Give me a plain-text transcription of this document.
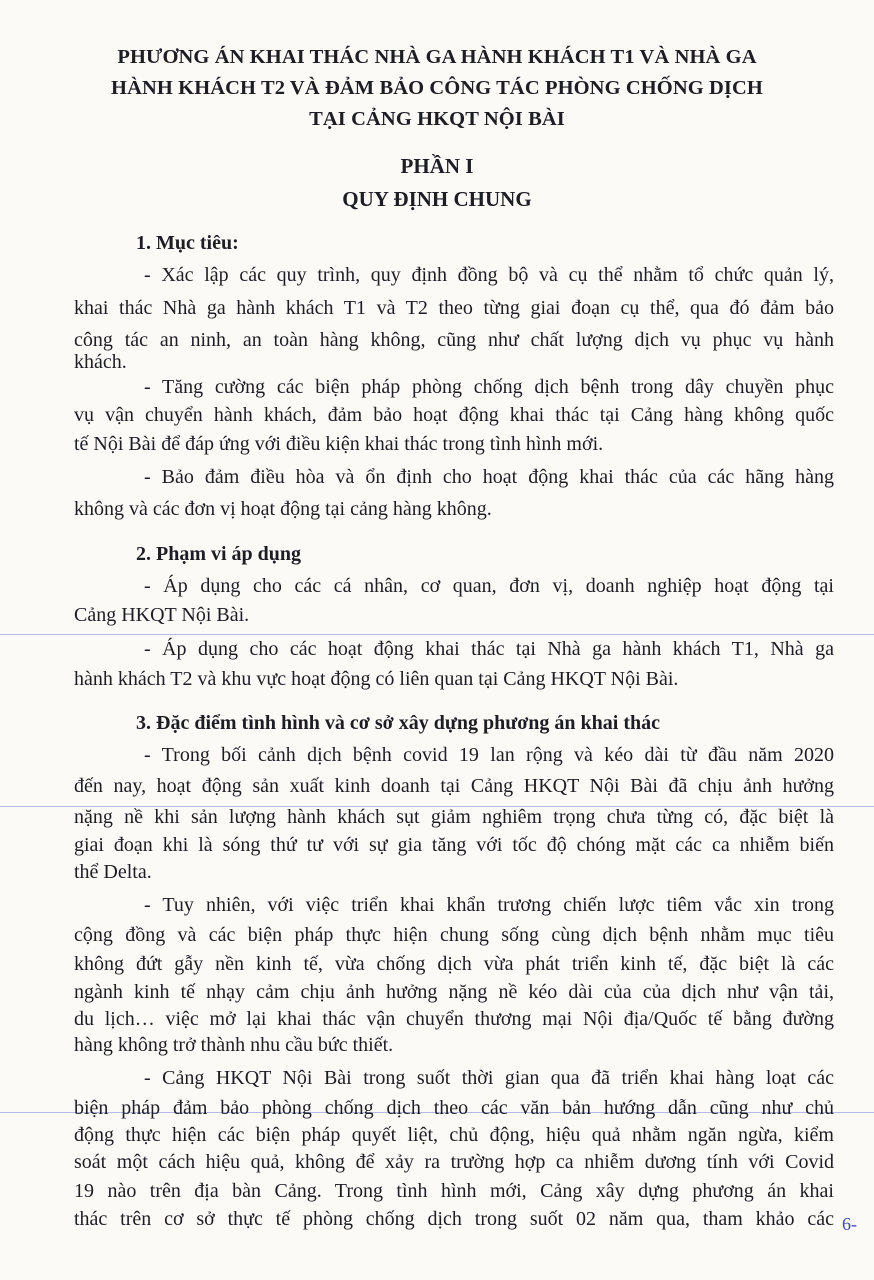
PHƯƠNG ÁN KHAI THÁC NHÀ GA HÀNH KHÁCH T1 VÀ NHÀ GA
HÀNH KHÁCH T2 VÀ ĐẢM BẢO CÔNG TÁC PHÒNG CHỐNG DỊCH
TẠI CẢNG HKQT NỘI BÀI
PHẦN I
QUY ĐỊNH CHUNG
1. Mục tiêu:
- Xác lập các quy trình, quy định đồng bộ và cụ thể nhằm tổ chức quản lý,
khai thác Nhà ga hành khách T1 và T2 theo từng giai đoạn cụ thể, qua đó đảm bảo
công tác an ninh, an toàn hàng không, cũng như chất lượng dịch vụ phục vụ hành
khách.
- Tăng cường các biện pháp phòng chống dịch bệnh trong dây chuyền phục
vụ vận chuyển hành khách, đảm bảo hoạt động khai thác tại Cảng hàng không quốc
tế Nội Bài để đáp ứng với điều kiện khai thác trong tình hình mới.
- Bảo đảm điều hòa và ổn định cho hoạt động khai thác của các hãng hàng
không và các đơn vị hoạt động tại cảng hàng không.
2. Phạm vi áp dụng
- Áp dụng cho các cá nhân, cơ quan, đơn vị, doanh nghiệp hoạt động tại
Cảng HKQT Nội Bài.
- Áp dụng cho các hoạt động khai thác tại Nhà ga hành khách T1, Nhà ga
hành khách T2 và khu vực hoạt động có liên quan tại Cảng HKQT Nội Bài.
3. Đặc điểm tình hình và cơ sở xây dựng phương án khai thác
- Trong bối cảnh dịch bệnh covid 19 lan rộng và kéo dài từ đầu năm 2020
đến nay, hoạt động sản xuất kinh doanh tại Cảng HKQT Nội Bài đã chịu ảnh hưởng
nặng nề khi sản lượng hành khách sụt giảm nghiêm trọng chưa từng có, đặc biệt là
giai đoạn khi là sóng thứ tư với sự gia tăng với tốc độ chóng mặt các ca nhiễm biến
thể Delta.
- Tuy nhiên, với việc triển khai khẩn trương chiến lược tiêm vắc xin trong
cộng đồng và các biện pháp thực hiện chung sống cùng dịch bệnh nhằm mục tiêu
không đứt gẫy nền kinh tế, vừa chống dịch vừa phát triển kinh tế, đặc biệt là các
ngành kinh tế nhạy cảm chịu ảnh hưởng nặng nề kéo dài của của dịch như vận tải,
du lịch… việc mở lại khai thác vận chuyển thương mại Nội địa/Quốc tế bằng đường
hàng không trở thành nhu cầu bức thiết.
- Cảng HKQT Nội Bài trong suốt thời gian qua đã triển khai hàng loạt các
biện pháp đảm bảo phòng chống dịch theo các văn bản hướng dẫn cũng như chủ
động thực hiện các biện pháp quyết liệt, chủ động, hiệu quả nhằm ngăn ngừa, kiểm
soát một cách hiệu quả, không để xảy ra trường hợp ca nhiễm dương tính với Covid
19 nào trên địa bàn Cảng. Trong tình hình mới, Cảng xây dựng phương án khai
thác trên cơ sở thực tế phòng chống dịch trong suốt 02 năm qua, tham khảo các 6-
